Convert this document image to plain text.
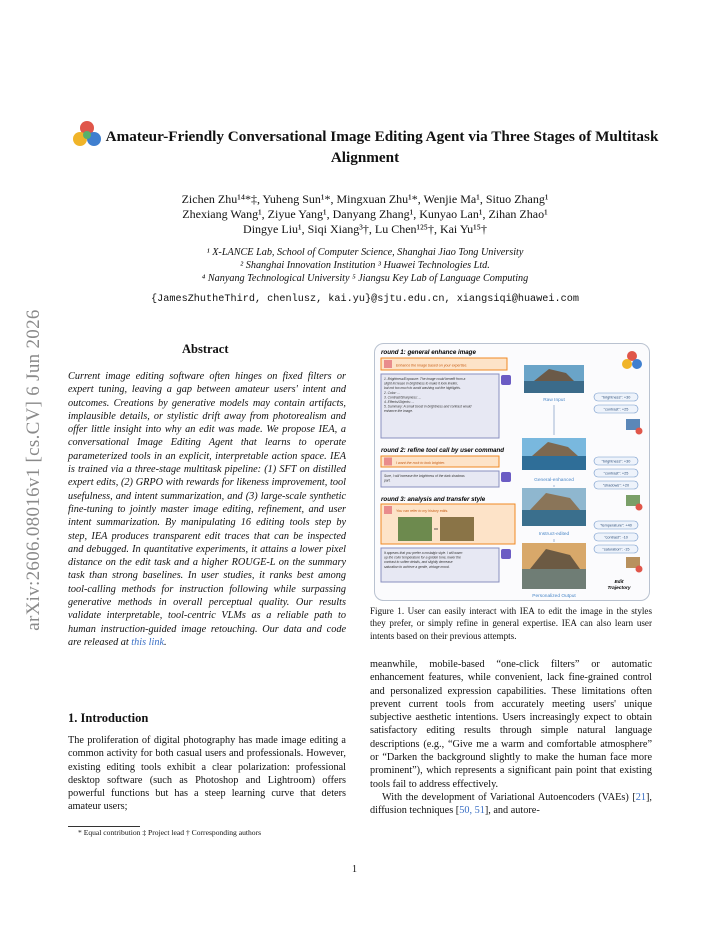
arXiv:2606.08016v1 [cs.CV] 6 Jun 2026
Amateur-Friendly Conversational Image Editing Agent via Three Stages of Multitask Alignment
Zichen Zhu¹⁴*‡, Yuheng Sun¹*, Mingxuan Zhu¹*, Wenjie Ma¹, Situo Zhang¹
Zhexiang Wang¹, Ziyue Yang¹, Danyang Zhang¹, Kunyao Lan¹, Zihan Zhao¹
Dingye Liu¹, Siqi Xiang³†, Lu Chen¹²⁵†, Kai Yu¹⁵†
¹ X-LANCE Lab, School of Computer Science, Shanghai Jiao Tong University
² Shanghai Innovation Institution ³ Huawei Technologies Ltd.
⁴ Nanyang Technological University ⁵ Jiangsu Key Lab of Language Computing
{JamesZhutheThird, chenlusz, kai.yu}@sjtu.edu.cn, xiangsiqi@huawei.com
Abstract
Current image editing software often hinges on fixed filters or expert tuning, leaving a gap between amateur users' intent and outcomes. Creations by generative models may contain artifacts, implausible details, or stylistic drift away from photorealism and offer little insight into why an edit was made. We propose IEA, a conversational Image Editing Agent that learns to operate parameterized tools in an explicit, interpretable action space. IEA is trained via a three-stage multitask pipeline: (1) SFT on distilled expert edits, (2) GRPO with rewards for likeness improvement, tool usefulness, and intent summarization, and (3) large-scale synthetic fine-tuning to jointly master image editing, refinement, and user intent summarization. By manipulating 16 editing tools step by step, IEA produces transparent edit traces that can be inspected and debugged. In quantitative experiments, it attains a lower pixel distance on the edit task and a higher ROUGE-L on the summary task than strong baselines. In user studies, it ranks best among tool-calling methods for instruction following while surpassing generative methods in overall perceptual quality. Our results validate interpretable, tool-centric VLMs as a reliable path to human instruction-guided image retouching. Our data and code are released at this link.
1. Introduction
The proliferation of digital photography has made image editing a common activity for both casual users and professionals. However, existing editing tools exhibit a clear polarization: professional desktop software (such as Photoshop and Lightroom) offers powerful functions but has a steep learning curve that deters amateur users;
* Equal contribution ‡ Project lead † Corresponding authors
round 1: general enhance image
Enhance the image based on your expertise.
1. Brightness/Exposure: The image could benefit from a
slight increase in brightness to make it look livelier,
but not too much to avoid washing out the highlights.
2. Color: ...
3. Contrast/Sharpness: ...
4. Effects/Objects: ...
5. Summary: A small boost in brightness and contrast would
enhance the image.
Raw Input
"brightness": +30
"contrast": +25
round 2: refine tool call by user command
I want the rock to look brighter.
Sure, I will increase the brightness of the dark shadows
part.	General-enhanced
"brightness": +30
"contrast": +25
"shadows": +20
round 3: analysis and transfer style
You can refer to my history edits.
It appears that you prefer a nostalgic style. I will warm
up the color temperature for a golden tone, lower the
contrast to soften details, and slightly decrease
saturation to achieve a gentle, vintage mood.
Instruct-edited
Personalized Output
"temperature": +40
"contrast": -10
"saturation": -15
Edit Trajectory
Figure 1. User can easily interact with IEA to edit the image in the styles they prefer, or simply refine in general expertise. IEA can also learn user intents based on their previous attempts.
meanwhile, mobile-based “one-click filters” or automatic enhancement features, while convenient, lack fine-grained control and personalized expression capabilities. These limitations often prevent current tools from accurately meeting users' unique subjective aesthetic intentions. Users increasingly expect to obtain satisfactory editing results through simple natural language descriptions (e.g., “Give me a warm and comfortable atmosphere” or “Darken the background slightly to make the human face more prominent”), which represents a significant pain point that existing tools fail to address effectively.
With the development of Variational Autoencoders (VAEs) [21], diffusion techniques [50, 51], and autore-
1
